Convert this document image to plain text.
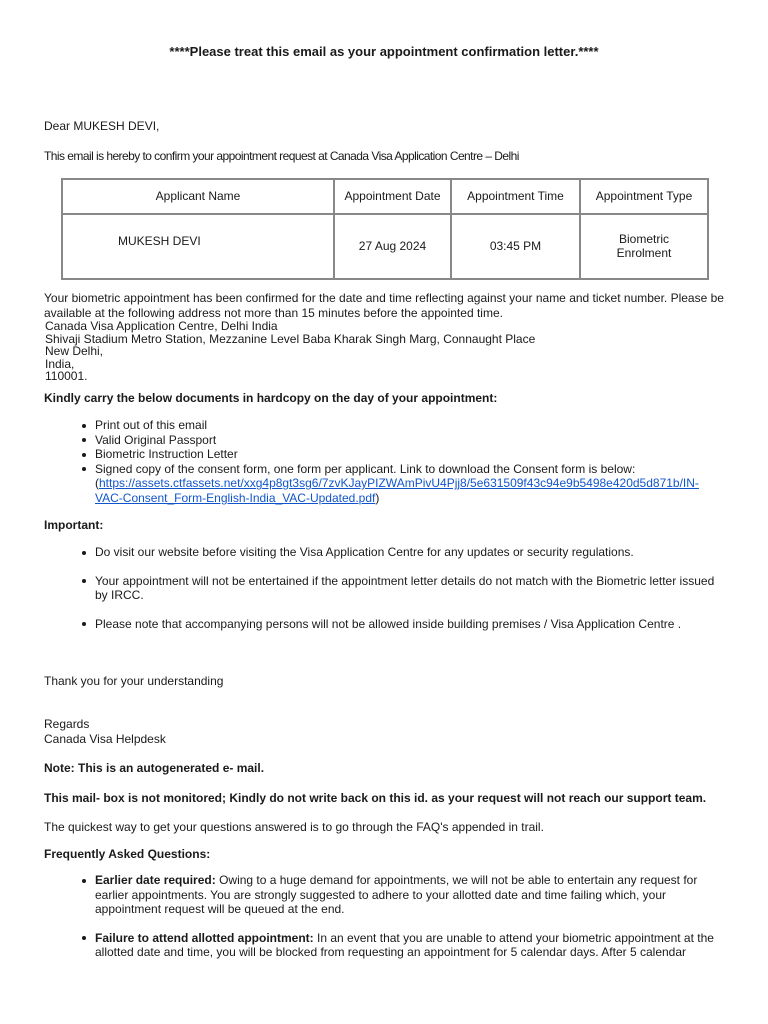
****Please treat this email as your appointment confirmation letter.****

Dear MUKESH DEVI,

This email is hereby to confirm your appointment request at Canada Visa Application Centre – Delhi

Applicant Name	Appointment Date	Appointment Time	Appointment Type
MUKESH DEVI	27 Aug 2024	03:45 PM	Biometric Enrolment

Your biometric appointment has been confirmed for the date and time reflecting against your name and ticket number. Please be available at the following address not more than 15 minutes before the appointed time.

Canada Visa Application Centre, Delhi India
Shivaji Stadium Metro Station, Mezzanine Level Baba Kharak Singh Marg, Connaught Place
New Delhi,
India,
110001.

Kindly carry the below documents in hardcopy on the day of your appointment:

Print out of this email
Valid Original Passport
Biometric Instruction Letter
Signed copy of the consent form, one form per applicant. Link to download the Consent form is below:
(https://assets.ctfassets.net/xxg4p8gt3sg6/7zvKJayPIZWAmPivU4Pjj8/5e631509f43c94e9b5498e420d5d871b/IN-VAC-Consent_Form-English-India_VAC-Updated.pdf)

Important:

Do visit our website before visiting the Visa Application Centre for any updates or security regulations.
Your appointment will not be entertained if the appointment letter details do not match with the Biometric letter issued by IRCC.
Please note that accompanying persons will not be allowed inside building premises / Visa Application Centre .

Thank you for your understanding

Regards
Canada Visa Helpdesk

Note: This is an autogenerated e- mail.

This mail- box is not monitored; Kindly do not write back on this id. as your request will not reach our support team.

The quickest way to get your questions answered is to go through the FAQ's appended in trail.

Frequently Asked Questions:

Earlier date required: Owing to a huge demand for appointments, we will not be able to entertain any request for earlier appointments. You are strongly suggested to adhere to your allotted date and time failing which, your appointment request will be queued at the end.
Failure to attend allotted appointment: In an event that you are unable to attend your biometric appointment at the allotted date and time, you will be blocked from requesting an appointment for 5 calendar days. After 5 calendar
